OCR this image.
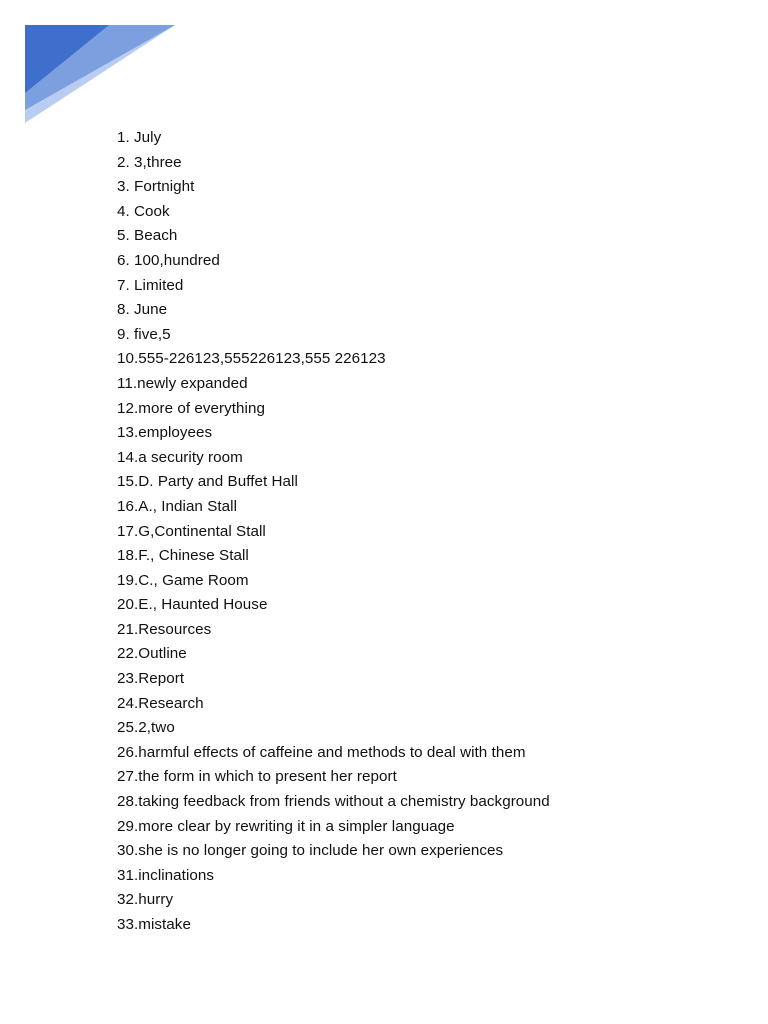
1. July
2. 3,three
3. Fortnight
4. Cook
5. Beach
6. 100,hundred
7. Limited
8. June
9. five,5
10.555-226123,555226123,555 226123
11.newly expanded
12.more of everything
13.employees
14.a security room
15.D. Party and Buffet Hall
16.A., Indian Stall
17.G,Continental Stall
18.F., Chinese Stall
19.C., Game Room
20.E., Haunted House
21.Resources
22.Outline
23.Report
24.Research
25.2,two
26.harmful effects of caffeine and methods to deal with them
27.the form in which to present her report
28.taking feedback from friends without a chemistry background
29.more clear by rewriting it in a simpler language
30.she is no longer going to include her own experiences
31.inclinations
32.hurry
33.mistake
